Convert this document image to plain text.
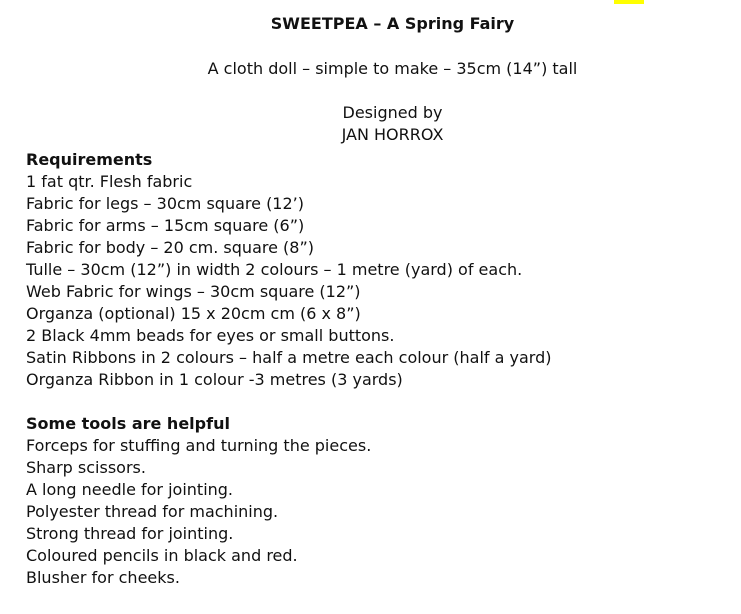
SWEETPEA – A Spring Fairy
A cloth doll – simple to make – 35cm (14”) tall
Designed by
JAN HORROX
Requirements
1 fat qtr. Flesh fabric
Fabric for legs – 30cm square (12’)
Fabric for arms – 15cm square (6”)
Fabric for body – 20 cm. square (8”)
Tulle – 30cm (12”) in width 2 colours – 1 metre (yard) of each.
Web Fabric for wings – 30cm square (12”)
Organza (optional) 15 x 20cm cm (6 x 8”)
2 Black 4mm beads for eyes or small buttons.
Satin Ribbons in 2 colours – half a metre each colour (half a yard)
Organza Ribbon in 1 colour -3 metres (3 yards)
Some tools are helpful
Forceps for stuffing and turning the pieces.
Sharp scissors.
A long needle for jointing.
Polyester thread for machining.
Strong thread for jointing.
Coloured pencils in black and red.
Blusher for cheeks.
